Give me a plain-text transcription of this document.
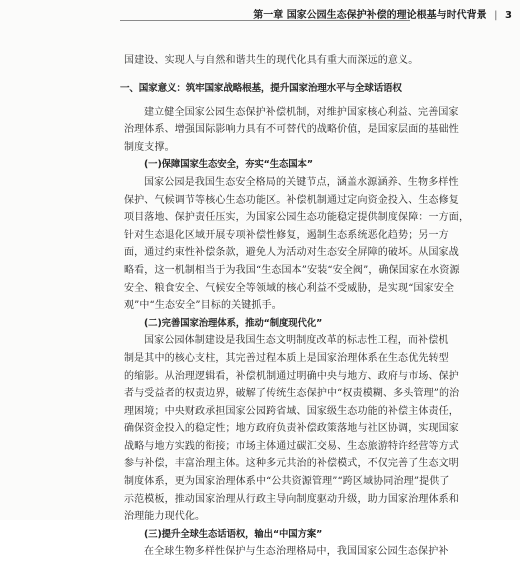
第一章 国家公园生态保护补偿的理论根基与时代背景 | 3
国建设、实现人与自然和谐共生的现代化具有重大而深远的意义。
一、国家意义：筑牢国家战略根基，提升国家治理水平与全球话语权
建立健全国家公园生态保护补偿机制，对维护国家核心利益、完善国家
治理体系、增强国际影响力具有不可替代的战略价值，是国家层面的基础性
制度支撑。
(一)保障国家生态安全，夯实“生态国本”
国家公园是我国生态安全格局的关键节点，涵盖水源涵养、生物多样性
保护、气候调节等核心生态功能区。补偿机制通过定向资金投入、生态修复
项目落地、保护责任压实，为国家公园生态功能稳定提供制度保障：一方面，
针对生态退化区域开展专项补偿性修复，遏制生态系统恶化趋势；另一方
面，通过约束性补偿条款，避免人为活动对生态安全屏障的破坏。从国家战
略看，这一机制相当于为我国“生态国本”安装“安全阀”，确保国家在水资源
安全、粮食安全、气候安全等领域的核心利益不受威胁，是实现“国家安全
观”中“生态安全”目标的关键抓手。
(二)完善国家治理体系，推动“制度现代化”
国家公园体制建设是我国生态文明制度改革的标志性工程，而补偿机
制是其中的核心支柱，其完善过程本质上是国家治理体系在生态优先转型
的缩影。从治理逻辑看，补偿机制通过明确中央与地方、政府与市场、保护
者与受益者的权责边界，破解了传统生态保护中“权责模糊、多头管理”的治
理困境；中央财政承担国家公园跨省域、国家级生态功能的补偿主体责任，
确保资金投入的稳定性；地方政府负责补偿政策落地与社区协调，实现国家
战略与地方实践的衔接；市场主体通过碳汇交易、生态旅游特许经营等方式
参与补偿，丰富治理主体。这种多元共治的补偿模式，不仅完善了生态文明
制度体系，更为国家治理体系中“公共资源管理”“跨区域协同治理”提供了
示范模板，推动国家治理从行政主导向制度驱动升级，助力国家治理体系和
治理能力现代化。
(三)提升全球生态话语权，输出“中国方案”
在全球生物多样性保护与生态治理格局中，我国国家公园生态保护补
